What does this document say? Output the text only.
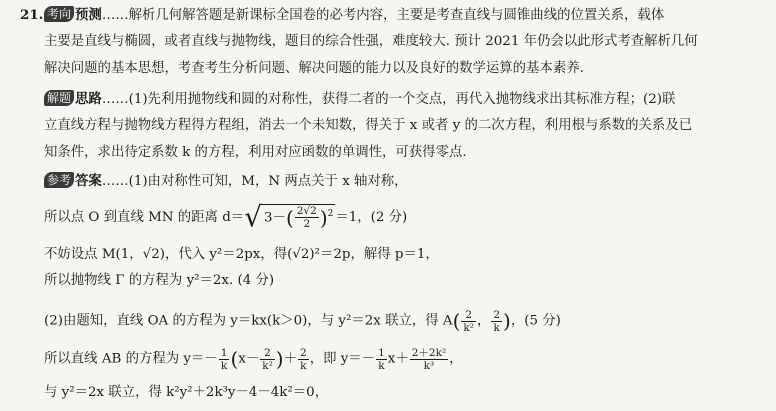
21. 考向 预测……解析几何解答题是新课标全国卷的必考内容，主要是考查直线与圆锥曲线的位置关系，载体
主要是直线与椭圆，或者直线与抛物线，题目的综合性强，难度较大. 预计 2021 年仍会以此形式考查解析几何
解决问题的基本思想，考查考生分析问题、解决问题的能力以及良好的数学运算的基本素养.
解题 思路……(1)先利用抛物线和圆的对称性，获得二者的一个交点，再代入抛物线求出其标准方程；(2)联
立直线方程与抛物线方程得方程组，消去一个未知数，得关于 x 或者 y 的二次方程，利用根与系数的关系及已
知条件，求出待定系数 k 的方程，利用对应函数的单调性，可获得零点.
参考 答案……(1)由对称性可知，M，N 两点关于 x 轴对称，
所以点 O 到直线 MN 的距离 d＝√ $3-( \frac{2√2}{2} )^2 =1$，(2 分)
不妨设点 M(1，√2)，代入 y²＝2px，得(√2)²＝2p，解得 p＝1，
所以抛物线 Γ 的方程为 y²＝2x. (4 分)
(2)由题知，直线 OA 的方程为 y＝kx(k＞0)，与 y²＝2x 联立，得 $A( \frac{2}{\text{k²}}$ ， $\frac{2}{k}$ )，(5 分)
所以直线 AB 的方程为 $y=- \frac{1}{k} (x- \frac{2}{\text{k²}}$ )＋ $\frac{2}{k}$ ，即 $y=- \frac{1}{k} x+ \frac{\text{2＋2k²}}{\text{k³}}$ ，
与 y²＝2x 联立，得 k²y²＋2k³y－4－4k²＝0，
